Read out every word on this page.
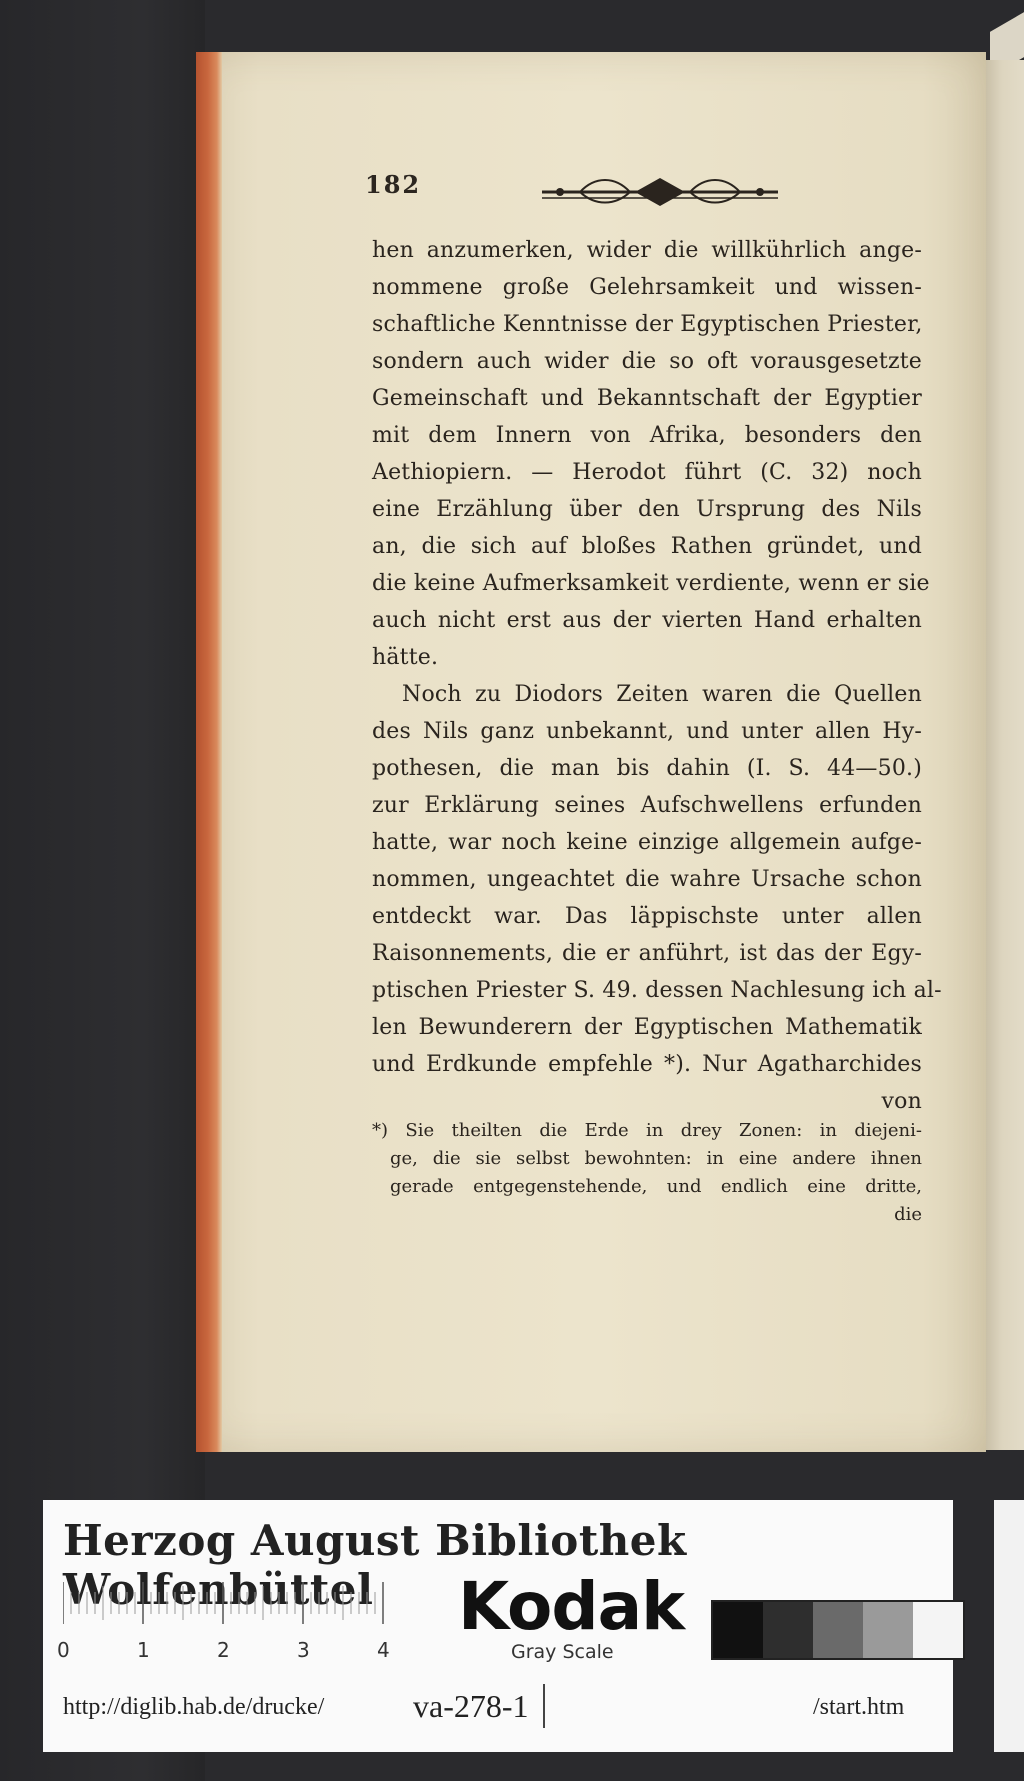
182
hen anzumerken, wider die willkührlich ange-
nommene große Gelehrsamkeit und wissen-
schaftliche Kenntnisse der Egyptischen Priester,
sondern auch wider die so oft vorausgesetzte
Gemeinschaft und Bekanntschaft der Egyptier
mit dem Innern von Afrika, besonders den
Aethiopiern. — Herodot führt (C. 32) noch
eine Erzählung über den Ursprung des Nils
an, die sich auf bloßes Rathen gründet, und
die keine Aufmerksamkeit verdiente, wenn er sie
auch nicht erst aus der vierten Hand erhalten
hätte.
Noch zu Diodors Zeiten waren die Quellen
des Nils ganz unbekannt, und unter allen Hy-
pothesen, die man bis dahin (I. S. 44—50.)
zur Erklärung seines Aufschwellens erfunden
hatte, war noch keine einzige allgemein aufge-
nommen, ungeachtet die wahre Ursache schon
entdeckt war. Das läppischste unter allen
Raisonnements, die er anführt, ist das der Egy-
ptischen Priester S. 49. dessen Nachlesung ich al-
len Bewunderern der Egyptischen Mathematik
und Erdkunde empfehle *). Nur Agatharchides
von
*) Sie theilten die Erde in drey Zonen: in diejeni-
ge, die sie selbst bewohnten: in eine andere ihnen
gerade entgegenstehende, und endlich eine dritte,
die
Herzog August Bibliothek Wolfenbüttel
0	1	2	3	4
Kodak
Gray Scale
http://diglib.hab.de/drucke/	va-278-1	/start.htm
